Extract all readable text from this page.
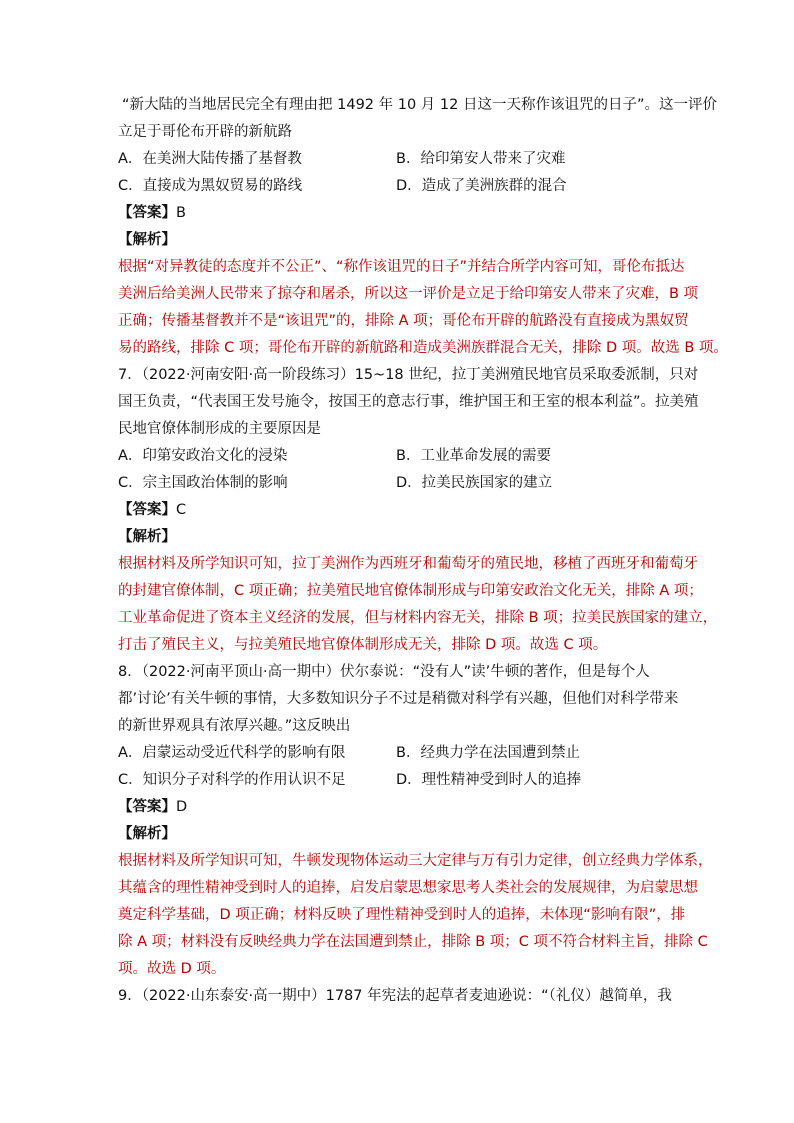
“新大陆的当地居民完全有理由把 1492 年 10 月 12 日这一天称作该诅咒的日子”。这一评价
立足于哥伦布开辟的新航路
A．在美洲大陆传播了基督教	B．给印第安人带来了灾难
C．直接成为黑奴贸易的路线	D．造成了美洲族群的混合
【答案】B
【解析】
根据“对异教徒的态度并不公正”、“称作该诅咒的日子”并结合所学内容可知，哥伦布抵达
美洲后给美洲人民带来了掠夺和屠杀，所以这一评价是立足于给印第安人带来了灾难，B 项
正确；传播基督教并不是“该诅咒”的，排除 A 项；哥伦布开辟的航路没有直接成为黑奴贸
易的路线，排除 C 项；哥伦布开辟的新航路和造成美洲族群混合无关，排除 D 项。故选 B 项。
7．（2022·河南安阳·高一阶段练习）15~18 世纪，拉丁美洲殖民地官员采取委派制，只对
国王负责，“代表国王发号施令，按国王的意志行事，维护国王和王室的根本利益”。拉美殖
民地官僚体制形成的主要原因是
A．印第安政治文化的浸染	B．工业革命发展的需要
C．宗主国政治体制的影响	D．拉美民族国家的建立
【答案】C
【解析】
根据材料及所学知识可知，拉丁美洲作为西班牙和葡萄牙的殖民地，移植了西班牙和葡萄牙
的封建官僚体制，C 项正确；拉美殖民地官僚体制形成与印第安政治文化无关，排除 A 项；
工业革命促进了资本主义经济的发展，但与材料内容无关，排除 B 项；拉美民族国家的建立，
打击了殖民主义，与拉美殖民地官僚体制形成无关，排除 D 项。故选 C 项。
8．（2022·河南平顶山·高一期中）伏尔泰说：“没有人”读’牛顿的著作，但是每个人
都’讨论’有关牛顿的事情，大多数知识分子不过是稍微对科学有兴趣，但他们对科学带来
的新世界观具有浓厚兴趣。”这反映出
A．启蒙运动受近代科学的影响有限	B．经典力学在法国遭到禁止
C．知识分子对科学的作用认识不足	D．理性精神受到时人的追捧
【答案】D
【解析】
根据材料及所学知识可知，牛顿发现物体运动三大定律与万有引力定律，创立经典力学体系，
其蕴含的理性精神受到时人的追捧，启发启蒙思想家思考人类社会的发展规律，为启蒙思想
奠定科学基础，D 项正确；材料反映了理性精神受到时人的追捧，未体现“影响有限”，排
除 A 项；材料没有反映经典力学在法国遭到禁止，排除 B 项；C 项不符合材料主旨，排除 C
项。故选 D 项。
9．（2022·山东泰安·高一期中）1787 年宪法的起草者麦迪逊说：“（礼仪）越简单，我
